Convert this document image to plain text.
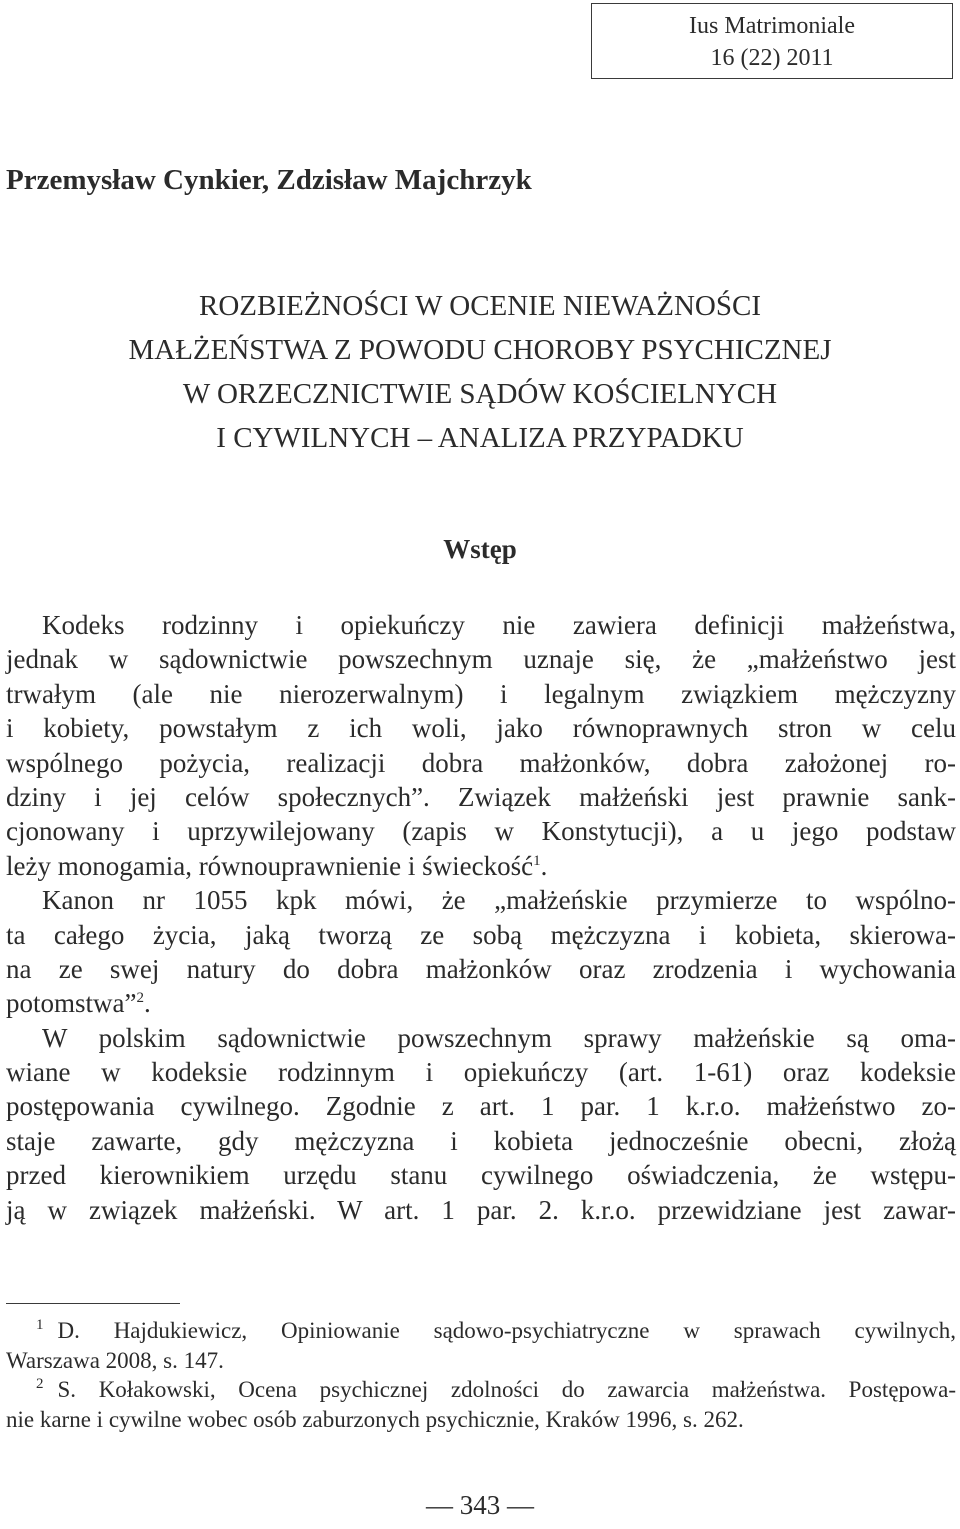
Ius Matrimoniale
16 (22) 2011
Przemysław Cynkier, Zdzisław Majchrzyk
ROZBIEŻNOŚCI W OCENIE NIEWAŻNOŚCI
MAŁŻEŃSTWA Z POWODU CHOROBY PSYCHICZNEJ
W ORZECZNICTWIE SĄDÓW KOŚCIELNYCH
I CYWILNYCH – ANALIZA PRZYPADKU
Wstęp
Kodeks rodzinny i opiekuńczy nie zawiera definicji małżeństwa,
jednak w sądownictwie powszechnym uznaje się, że „małżeństwo jest
trwałym (ale nie nierozerwalnym) i legalnym związkiem mężczyzny
i kobiety, powstałym z ich woli, jako równoprawnych stron w celu
wspólnego pożycia, realizacji dobra małżonków, dobra założonej ro-
dziny i jej celów społecznych”. Związek małżeński jest prawnie sank-
cjonowany i uprzywilejowany (zapis w Konstytucji), a u jego podstaw
leży monogamia, równouprawnienie i świeckość$^1$.
Kanon nr 1055 kpk mówi, że „małżeńskie przymierze to wspólno-
ta całego życia, jaką tworzą ze sobą mężczyzna i kobieta, skierowa-
na ze swej natury do dobra małżonków oraz zrodzenia i wychowania
potomstwa”$^2$.
W polskim sądownictwie powszechnym sprawy małżeńskie są oma-
wiane w kodeksie rodzinnym i opiekuńczy (art. 1-61) oraz kodeksie
postępowania cywilnego. Zgodnie z art. 1 par. 1 k.r.o. małżeństwo zo-
staje zawarte, gdy mężczyzna i kobieta jednocześnie obecni, złożą
przed kierownikiem urzędu stanu cywilnego oświadczenia, że wstępu-
ją w związek małżeński. W art. 1 par. 2. k.r.o. przewidziane jest zawar-
$^1$ D. Hajdukiewicz, Opiniowanie sądowo-psychiatryczne w sprawach cywilnych,
Warszawa 2008, s. 147.
$^2$ S. Kołakowski, Ocena psychicznej zdolności do zawarcia małżeństwa. Postępowa-
nie karne i cywilne wobec osób zaburzonych psychicznie, Kraków 1996, s. 262.
— 343 —
